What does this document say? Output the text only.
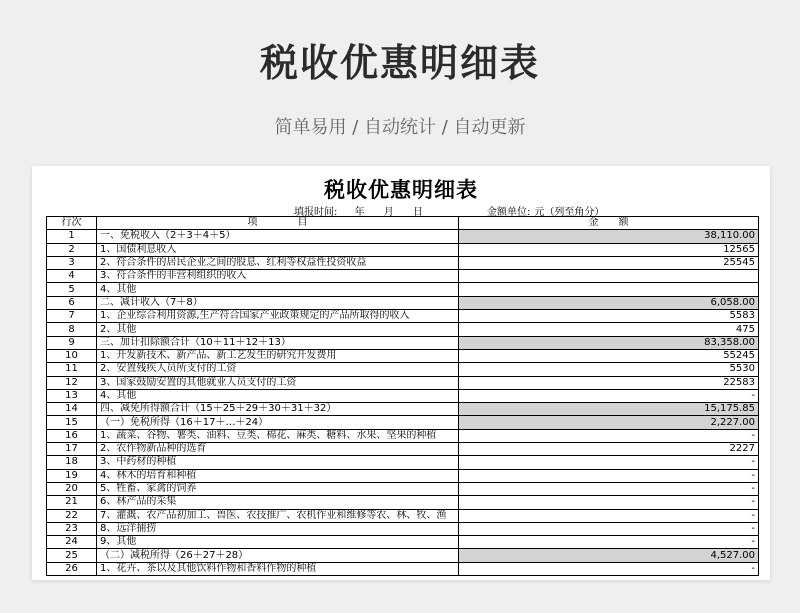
税收优惠明细表
简单易用 / 自动统计 / 自动更新
税收优惠明细表
填报时间: 年 月 日	金额单位: 元（列至角分）
行次	项　　　　目	金　　额
1	一、免税收入（2＋3＋4＋5）	38,110.00
2	1、国债利息收入	12565
3	2、符合条件的居民企业之间的股息、红利等权益性投资收益	25545
4	3、符合条件的非营利组织的收入	
5	4、其他	
6	二、减计收入（7＋8）	6,058.00
7	1、企业综合利用资源,生产符合国家产业政策规定的产品所取得的收入	5583
8	2、其他	475
9	三、加计扣除额合计（10＋11＋12＋13）	83,358.00
10	1、开发新技术、新产品、新工艺发生的研究开发费用	55245
11	2、安置残疾人员所支付的工资	5530
12	3、国家鼓励安置的其他就业人员支付的工资	22583
13	4、其他	-
14	四、减免所得额合计（15＋25＋29＋30＋31＋32）	15,175.85
15	（一）免税所得（16＋17＋…＋24）	2,227.00
16	1、蔬菜、谷物、薯类、油料、豆类、棉花、麻类、糖料、水果、坚果的种植	-
17	2、农作物新品种的选育	2227
18	3、中药材的种植	-
19	4、林木的培育和种植	-
20	5、牲畜、家禽的饲养	-
21	6、林产品的采集	-
22	7、灌溉、农产品初加工、兽医、农技推广、农机作业和维修等农、林、牧、渔	-
23	8、远洋捕捞	-
24	9、其他	-
25	（二）减税所得（26＋27＋28）	4,527.00
26	1、花卉、茶以及其他饮料作物和香料作物的种植	-
